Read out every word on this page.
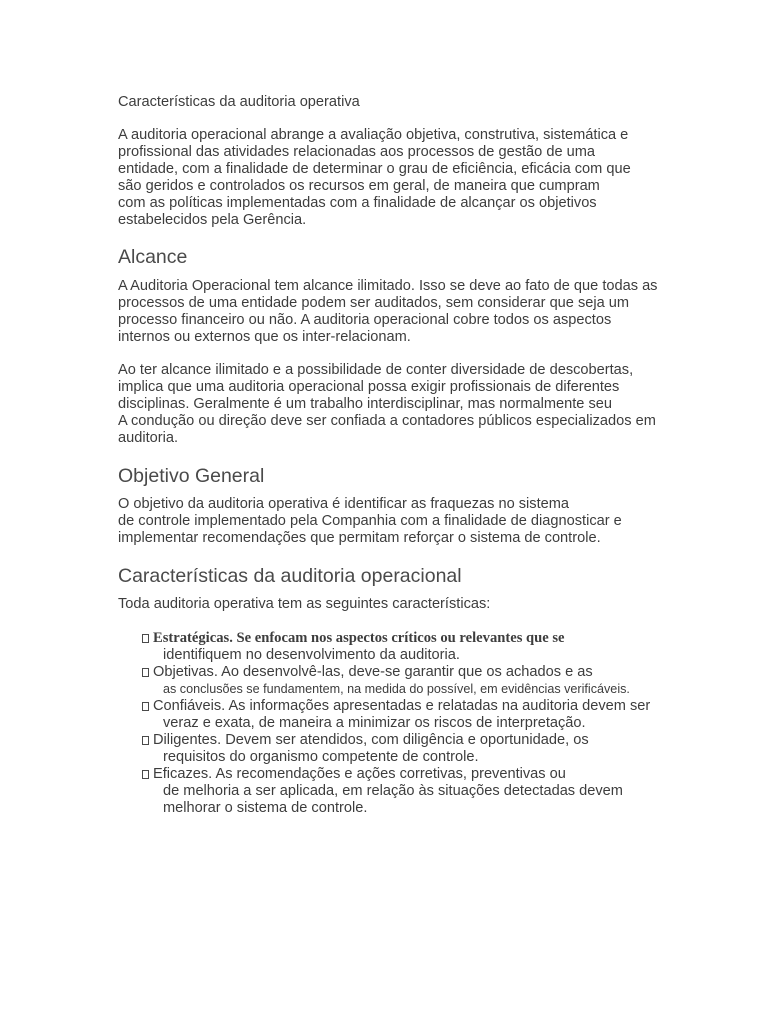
Características da auditoria operativa

A auditoria operacional abrange a avaliação objetiva, construtiva, sistemática e

profissional das atividades relacionadas aos processos de gestão de uma

entidade, com a finalidade de determinar o grau de eficiência, eficácia com que

são geridos e controlados os recursos em geral, de maneira que cumpram

com as políticas implementadas com a finalidade de alcançar os objetivos

estabelecidos pela Gerência.

Alcance

A Auditoria Operacional tem alcance ilimitado. Isso se deve ao fato de que todas as

processos de uma entidade podem ser auditados, sem considerar que seja um

processo financeiro ou não. A auditoria operacional cobre todos os aspectos

internos ou externos que os inter-relacionam.

Ao ter alcance ilimitado e a possibilidade de conter diversidade de descobertas,

implica que uma auditoria operacional possa exigir profissionais de diferentes

disciplinas. Geralmente é um trabalho interdisciplinar, mas normalmente seu

A condução ou direção deve ser confiada a contadores públicos especializados em

auditoria.

Objetivo General

O objetivo da auditoria operativa é identificar as fraquezas no sistema

de controle implementado pela Companhia com a finalidade de diagnosticar e

implementar recomendações que permitam reforçar o sistema de controle.

Características da auditoria operacional

Toda auditoria operativa tem as seguintes características:

Estratégicas. Se enfocam nos aspectos críticos ou relevantes que se

identifiquem no desenvolvimento da auditoria.

Objetivas. Ao desenvolvê-las, deve-se garantir que os achados e as

as conclusões se fundamentem, na medida do possível, em evidências verificáveis.

Confiáveis. As informações apresentadas e relatadas na auditoria devem ser

veraz e exata, de maneira a minimizar os riscos de interpretação.

Diligentes. Devem ser atendidos, com diligência e oportunidade, os

requisitos do organismo competente de controle.

Eficazes. As recomendações e ações corretivas, preventivas ou

de melhoria a ser aplicada, em relação às situações detectadas devem

melhorar o sistema de controle.
